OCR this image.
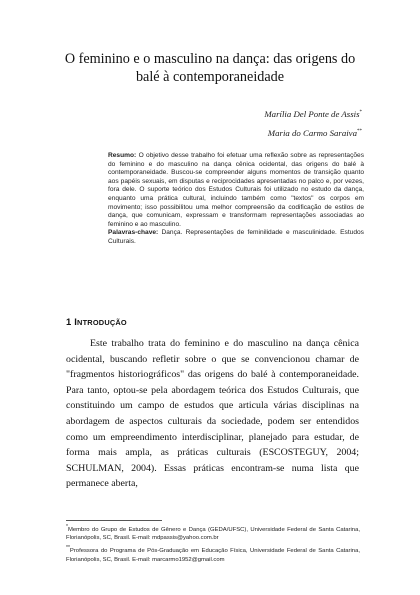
O feminino e o masculino na dança: das origens do balé à contemporaneidade
Marília Del Ponte de Assis*
Maria do Carmo Saraiva**

Resumo: O objetivo desse trabalho foi efetuar uma reflexão sobre as representações do feminino e do masculino na dança cênica ocidental, das origens do balé à contemporaneidade. Buscou-se compreender alguns momentos de transição quanto aos papéis sexuais, em disputas e reciprocidades apresentadas no palco e, por vezes, fora dele. O suporte teórico dos Estudos Culturais foi utilizado no estudo da dança, enquanto uma prática cultural, incluindo também como "textos" os corpos em movimento; isso possibilitou uma melhor compreensão da codificação de estilos de dança, que comunicam, expressam e transformam representações associadas ao feminino e ao masculino.

Palavras-chave: Dança. Representações de feminilidade e masculinidade. Estudos Culturais.

1 INTRODUÇÃO

Este trabalho trata do feminino e do masculino na dança cênica ocidental, buscando refletir sobre o que se convencionou chamar de "fragmentos historiográficos" das origens do balé à contemporaneidade. Para tanto, optou-se pela abordagem teórica dos Estudos Culturais, que constituindo um campo de estudos que articula várias disciplinas na abordagem de aspectos culturais da sociedade, podem ser entendidos como um empreendimento interdisciplinar, planejado para estudar, de forma mais ampla, as práticas culturais (ESCOSTEGUY, 2004; SCHULMAN, 2004). Essas práticas encontram-se numa lista que permanece aberta,

*Membro do Grupo de Estudos de Gênero e Dança (GEDA/UFSC), Universidade Federal de Santa Catarina, Florianópolis, SC, Brasil. E-mail: mdpassis@yahoo.com.br
**Professora do Programa de Pós-Graduação em Educação Física, Universidade Federal de Santa Catarina, Florianópolis, SC, Brasil. E-mail: marcarmo1952@gmail.com
